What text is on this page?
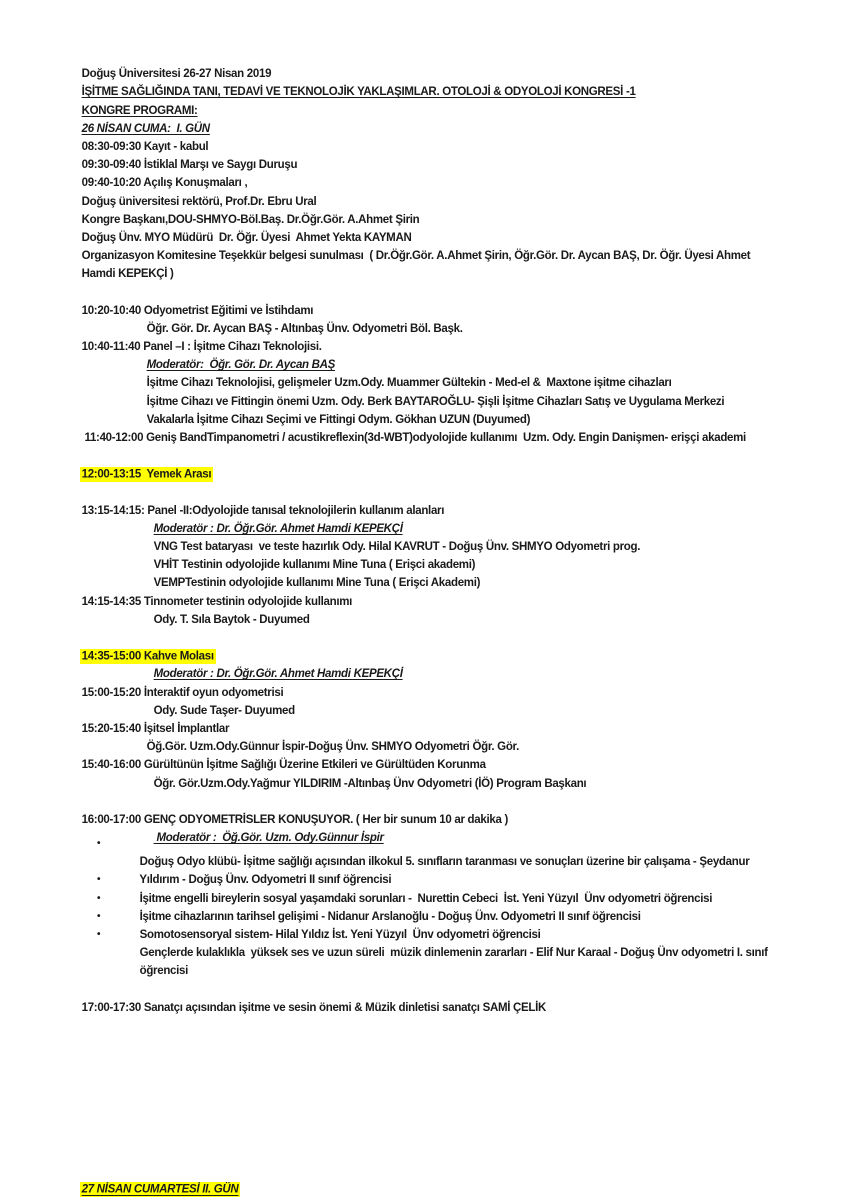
Doğuş Üniversitesi 26-27 Nisan 2019

İŞİTME SAĞLIĞINDA TANI, TEDAVİ VE TEKNOLOJİK YAKLAŞIMLAR. OTOLOJİ & ODYOLOJİ KONGRESİ -1

KONGRE PROGRAMI:

26 NİSAN CUMA:  I. GÜN

08:30-09:30 Kayıt - kabul

09:30-09:40 İstiklal Marşı ve Saygı Duruşu

09:40-10:20 Açılış Konuşmaları ,

Doğuş üniversitesi rektörü, Prof.Dr. Ebru Ural

Kongre Başkanı,DOU-SHMYO-Böl.Baş. Dr.Öğr.Gör. A.Ahmet Şirin

Doğuş Ünv. MYO Müdürü  Dr. Öğr. Üyesi  Ahmet Yekta KAYMAN

Organizasyon Komitesine Teşekkür belgesi sunulması  ( Dr.Öğr.Gör. A.Ahmet Şirin, Öğr.Gör. Dr. Aycan BAŞ, Dr. Öğr. Üyesi Ahmet

Hamdi KEPEKÇİ )

10:20-10:40 Odyometrist Eğitimi ve İstihdamı

Öğr. Gör. Dr. Aycan BAŞ - Altınbaş Ünv. Odyometri Böl. Başk.

10:40-11:40 Panel –I : İşitme Cihazı Teknolojisi.

Moderatör:  Öğr. Gör. Dr. Aycan BAŞ

İşitme Cihazı Teknolojisi, gelişmeler Uzm.Ody. Muammer Gültekin - Med-el &  Maxtone işitme cihazları

İşitme Cihazı ve Fittingin önemi Uzm. Ody. Berk BAYTAROĞLU- Şişli İşitme Cihazları Satış ve Uygulama Merkezi

Vakalarla İşitme Cihazı Seçimi ve Fittingi Odym. Gökhan UZUN (Duyumed)

11:40-12:00 Geniş BandTimpanometri / acustikreflexin(3d-WBT)odyolojide kullanımı  Uzm. Ody. Engin Danişmen- erişçi akademi

12:00-13:15  Yemek Arası

13:15-14:15: Panel -II:Odyolojide tanısal teknolojilerin kullanım alanları

Moderatör : Dr. Öğr.Gör. Ahmet Hamdi KEPEKÇİ

VNG Test bataryası  ve teste hazırlık Ody. Hilal KAVRUT - Doğuş Ünv. SHMYO Odyometri prog.

VHİT Testinin odyolojide kullanımı Mine Tuna ( Erişci akademi)

VEMPTestinin odyolojide kullanımı Mine Tuna ( Erişci Akademi)

14:15-14:35 Tinnometer testinin odyolojide kullanımı

Ody. T. Sıla Baytok - Duyumed

14:35-15:00 Kahve Molası

Moderatör : Dr. Öğr.Gör. Ahmet Hamdi KEPEKÇİ

15:00-15:20 İnteraktif oyun odyometrisi

Ody. Sude Taşer- Duyumed

15:20-15:40 İşitsel İmplantlar

Öğ.Gör. Uzm.Ody.Günnur İspir-Doğuş Ünv. SHMYO Odyometri Öğr. Gör.

15:40-16:00 Gürültünün İşitme Sağlığı Üzerine Etkileri ve Gürültüden Korunma

Öğr. Gör.Uzm.Ody.Yağmur YILDIRIM -Altınbaş Ünv Odyometri (İÖ) Program Başkanı

16:00-17:00 GENÇ ODYOMETRİSLER KONUŞUYOR. ( Her bir sunum 10 ar dakika )

Moderatör :  Öğ.Gör. Uzm. Ody.Günnur İspir

•
Doğuş Odyo klübü- İşitme sağlığı açısından ilkokul 5. sınıfların taranması ve sonuçları üzerine bir çalışama - Şeydanur

Yıldırım - Doğuş Ünv. Odyometri II sınıf öğrencisi

•
İşitme engelli bireylerin sosyal yaşamdaki sorunları -  Nurettin Cebeci  İst. Yeni Yüzyıl  Ünv odyometri öğrencisi

•
İşitme cihazlarının tarihsel gelişimi - Nidanur Arslanoğlu - Doğuş Ünv. Odyometri II sınıf öğrencisi

•
Somotosensoryal sistem- Hilal Yıldız İst. Yeni Yüzyıl  Ünv odyometri öğrencisi

•
Gençlerde kulaklıkla  yüksek ses ve uzun süreli  müzik dinlemenin zararları - Elif Nur Karaal - Doğuş Ünv odyometri I. sınıf

öğrencisi

17:00-17:30 Sanatçı açısından işitme ve sesin önemi & Müzik dinletisi sanatçı SAMİ ÇELİK

27 NİSAN CUMARTESİ II. GÜN
